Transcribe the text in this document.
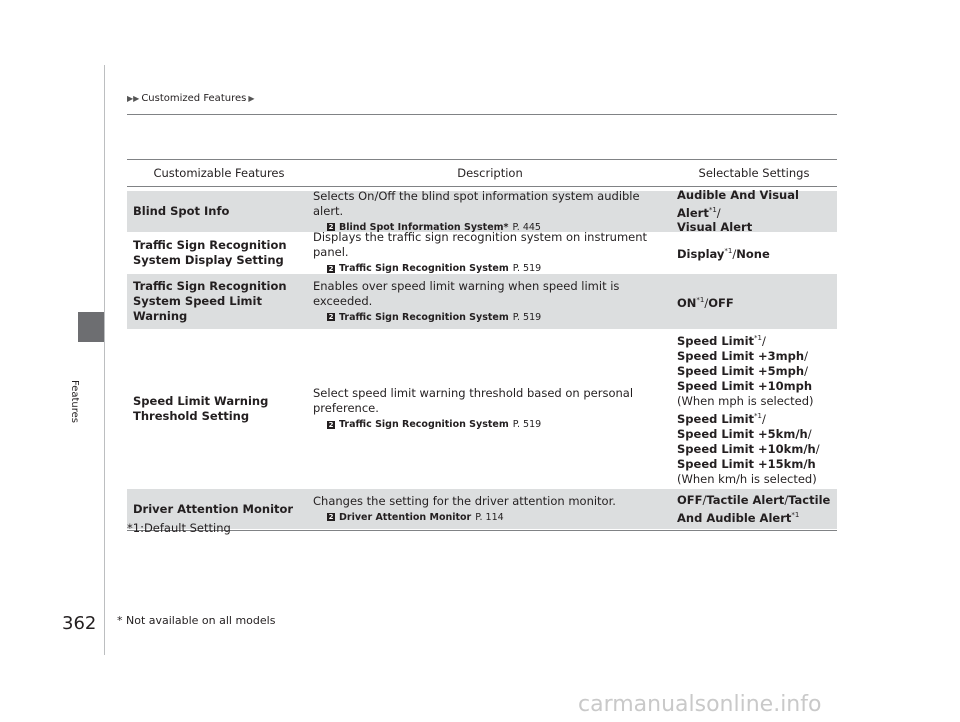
Features
▶▶ Customized Features ▶
Customizable Features	Description	Selectable Settings
Blind Spot Info
Selects On/Off the blind spot information system audible alert.
2 Blind Spot Information System* P. 445
Audible And Visual Alert$^{*1}$/
Visual Alert
Traffic Sign Recognition
System Display Setting
Displays the traffic sign recognition system on instrument panel.
2 Traffic Sign Recognition System P. 519
Display$^{*1}$/None
Traffic Sign Recognition
System Speed Limit
Warning
Enables over speed limit warning when speed limit is exceeded.
2 Traffic Sign Recognition System P. 519
ON$^{*1}$/OFF
Speed Limit Warning
Threshold Setting
Select speed limit warning threshold based on personal preference.
2 Traffic Sign Recognition System P. 519
Speed Limit$^{*1}$/
Speed Limit +3mph/
Speed Limit +5mph/
Speed Limit +10mph
(When mph is selected)
Speed Limit$^{*1}$/
Speed Limit +5km/h/
Speed Limit +10km/h/
Speed Limit +15km/h
(When km/h is selected)
Driver Attention Monitor
Changes the setting for the driver attention monitor.
2 Driver Attention Monitor P. 114
OFF/Tactile Alert/Tactile
And Audible Alert$^{*1}$
*1:Default Setting
362 * Not available on all models
carmanualsonline.info
